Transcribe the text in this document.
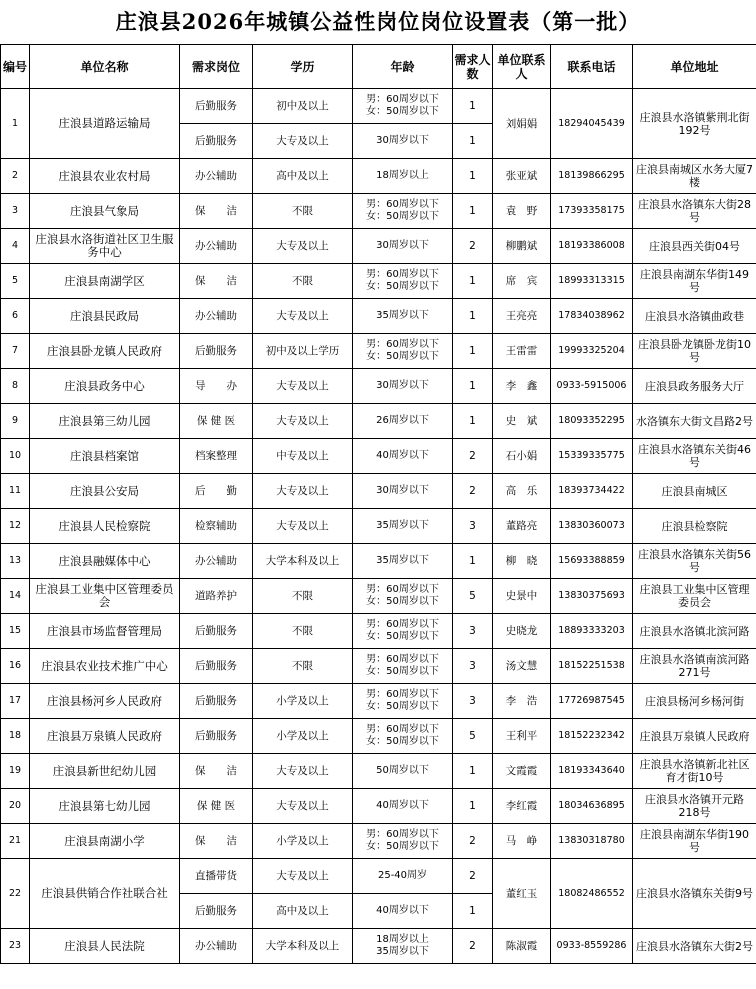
庄浪县2026年城镇公益性岗位岗位设置表（第一批）
编号	单位名称	需求岗位	学历	年龄	需求人数	单位联系人	联系电话	单位地址
1	庄浪县道路运输局	后勤服务	初中及以上	男：60周岁以下
女：50周岁以下	1	刘娟娟	18294045439	庄浪县水洛镇紫荆北街192号

		后勤服务	大专及以上	30周岁以下	1			
2	庄浪县农业农村局	办公辅助	高中及以上	18周岁以上	1	张亚斌	18139866295	庄浪县南城区水务大厦7楼

3	庄浪县气象局	保　　洁	不限	男：60周岁以下
女：50周岁以下	1	袁　野	17393358175	庄浪县水洛镇东大街28号

4	庄浪县水洛街道社区卫生服务中心	办公辅助	大专及以上	30周岁以下	2	柳鹏斌	18193386008	庄浪县西关街04号

5	庄浪县南湖学区	保　　洁	不限	男：60周岁以下
女：50周岁以下	1	席　宾	18993313315	庄浪县南湖东华街149号

6	庄浪县民政局	办公辅助	大专及以上	35周岁以下	1	王亮亮	17834038962	庄浪县水洛镇曲政巷

7	庄浪县卧龙镇人民政府	后勤服务	初中及以上学历	男：60周岁以下
女：50周岁以下	1	王雷雷	19993325204	庄浪县卧龙镇卧龙街10号

8	庄浪县政务中心	导　　办	大专及以上	30周岁以下	1	李　鑫	0933-5915006	庄浪县政务服务大厅

9	庄浪县第三幼儿园	保 健 医	大专及以上	26周岁以下	1	史　斌	18093352295	水洛镇东大街文昌路2号

10	庄浪县档案馆	档案整理	中专及以上	40周岁以下	2	石小娟	15339335775	庄浪县水洛镇东关街46号

11	庄浪县公安局	后　　勤	大专及以上	30周岁以下	2	高　乐	18393734422	庄浪县南城区

12	庄浪县人民检察院	检察辅助	大专及以上	35周岁以下	3	董路亮	13830360073	庄浪县检察院

13	庄浪县融媒体中心	办公辅助	大学本科及以上	35周岁以下	1	柳　晓	15693388859	庄浪县水洛镇东关街56号

14	庄浪县工业集中区管理委员会	道路养护	不限	男：60周岁以下
女：50周岁以下	5	史景中	13830375693	庄浪县工业集中区管理委员会

15	庄浪县市场监督管理局	后勤服务	不限	男：60周岁以下
女：50周岁以下	3	史晓龙	18893333203	庄浪县水洛镇北滨河路

16	庄浪县农业技术推广中心	后勤服务	不限	男：60周岁以下
女：50周岁以下	3	汤文慧	18152251538	庄浪县水洛镇南滨河路271号

17	庄浪县杨河乡人民政府	后勤服务	小学及以上	男：60周岁以下
女：50周岁以下	3	李　浩	17726987545	庄浪县杨河乡杨河街

18	庄浪县万泉镇人民政府	后勤服务	小学及以上	男：60周岁以下
女：50周岁以下	5	王利平	18152232342	庄浪县万泉镇人民政府

19	庄浪县新世纪幼儿园	保　　洁	大专及以上	50周岁以下	1	文霞霞	18193343640	庄浪县水洛镇新北社区育才街10号

20	庄浪县第七幼儿园	保 健 医	大专及以上	40周岁以下	1	李红霞	18034636895	庄浪县水洛镇开元路218号

21	庄浪县南湖小学	保　　洁	小学及以上	男：60周岁以下
女：50周岁以下	2	马　峥	13830318780	庄浪县南湖东华街190号

22	庄浪县供销合作社联合社	直播带货	大专及以上	25-40周岁	2	董红玉	18082486552	庄浪县水洛镇东关街9号

		后勤服务	高中及以上	40周岁以下	1			
23	庄浪县人民法院	办公辅助	大学本科及以上	18周岁以上
35周岁以下	2	陈淑霞	0933-8559286	庄浪县水洛镇东大街2号
